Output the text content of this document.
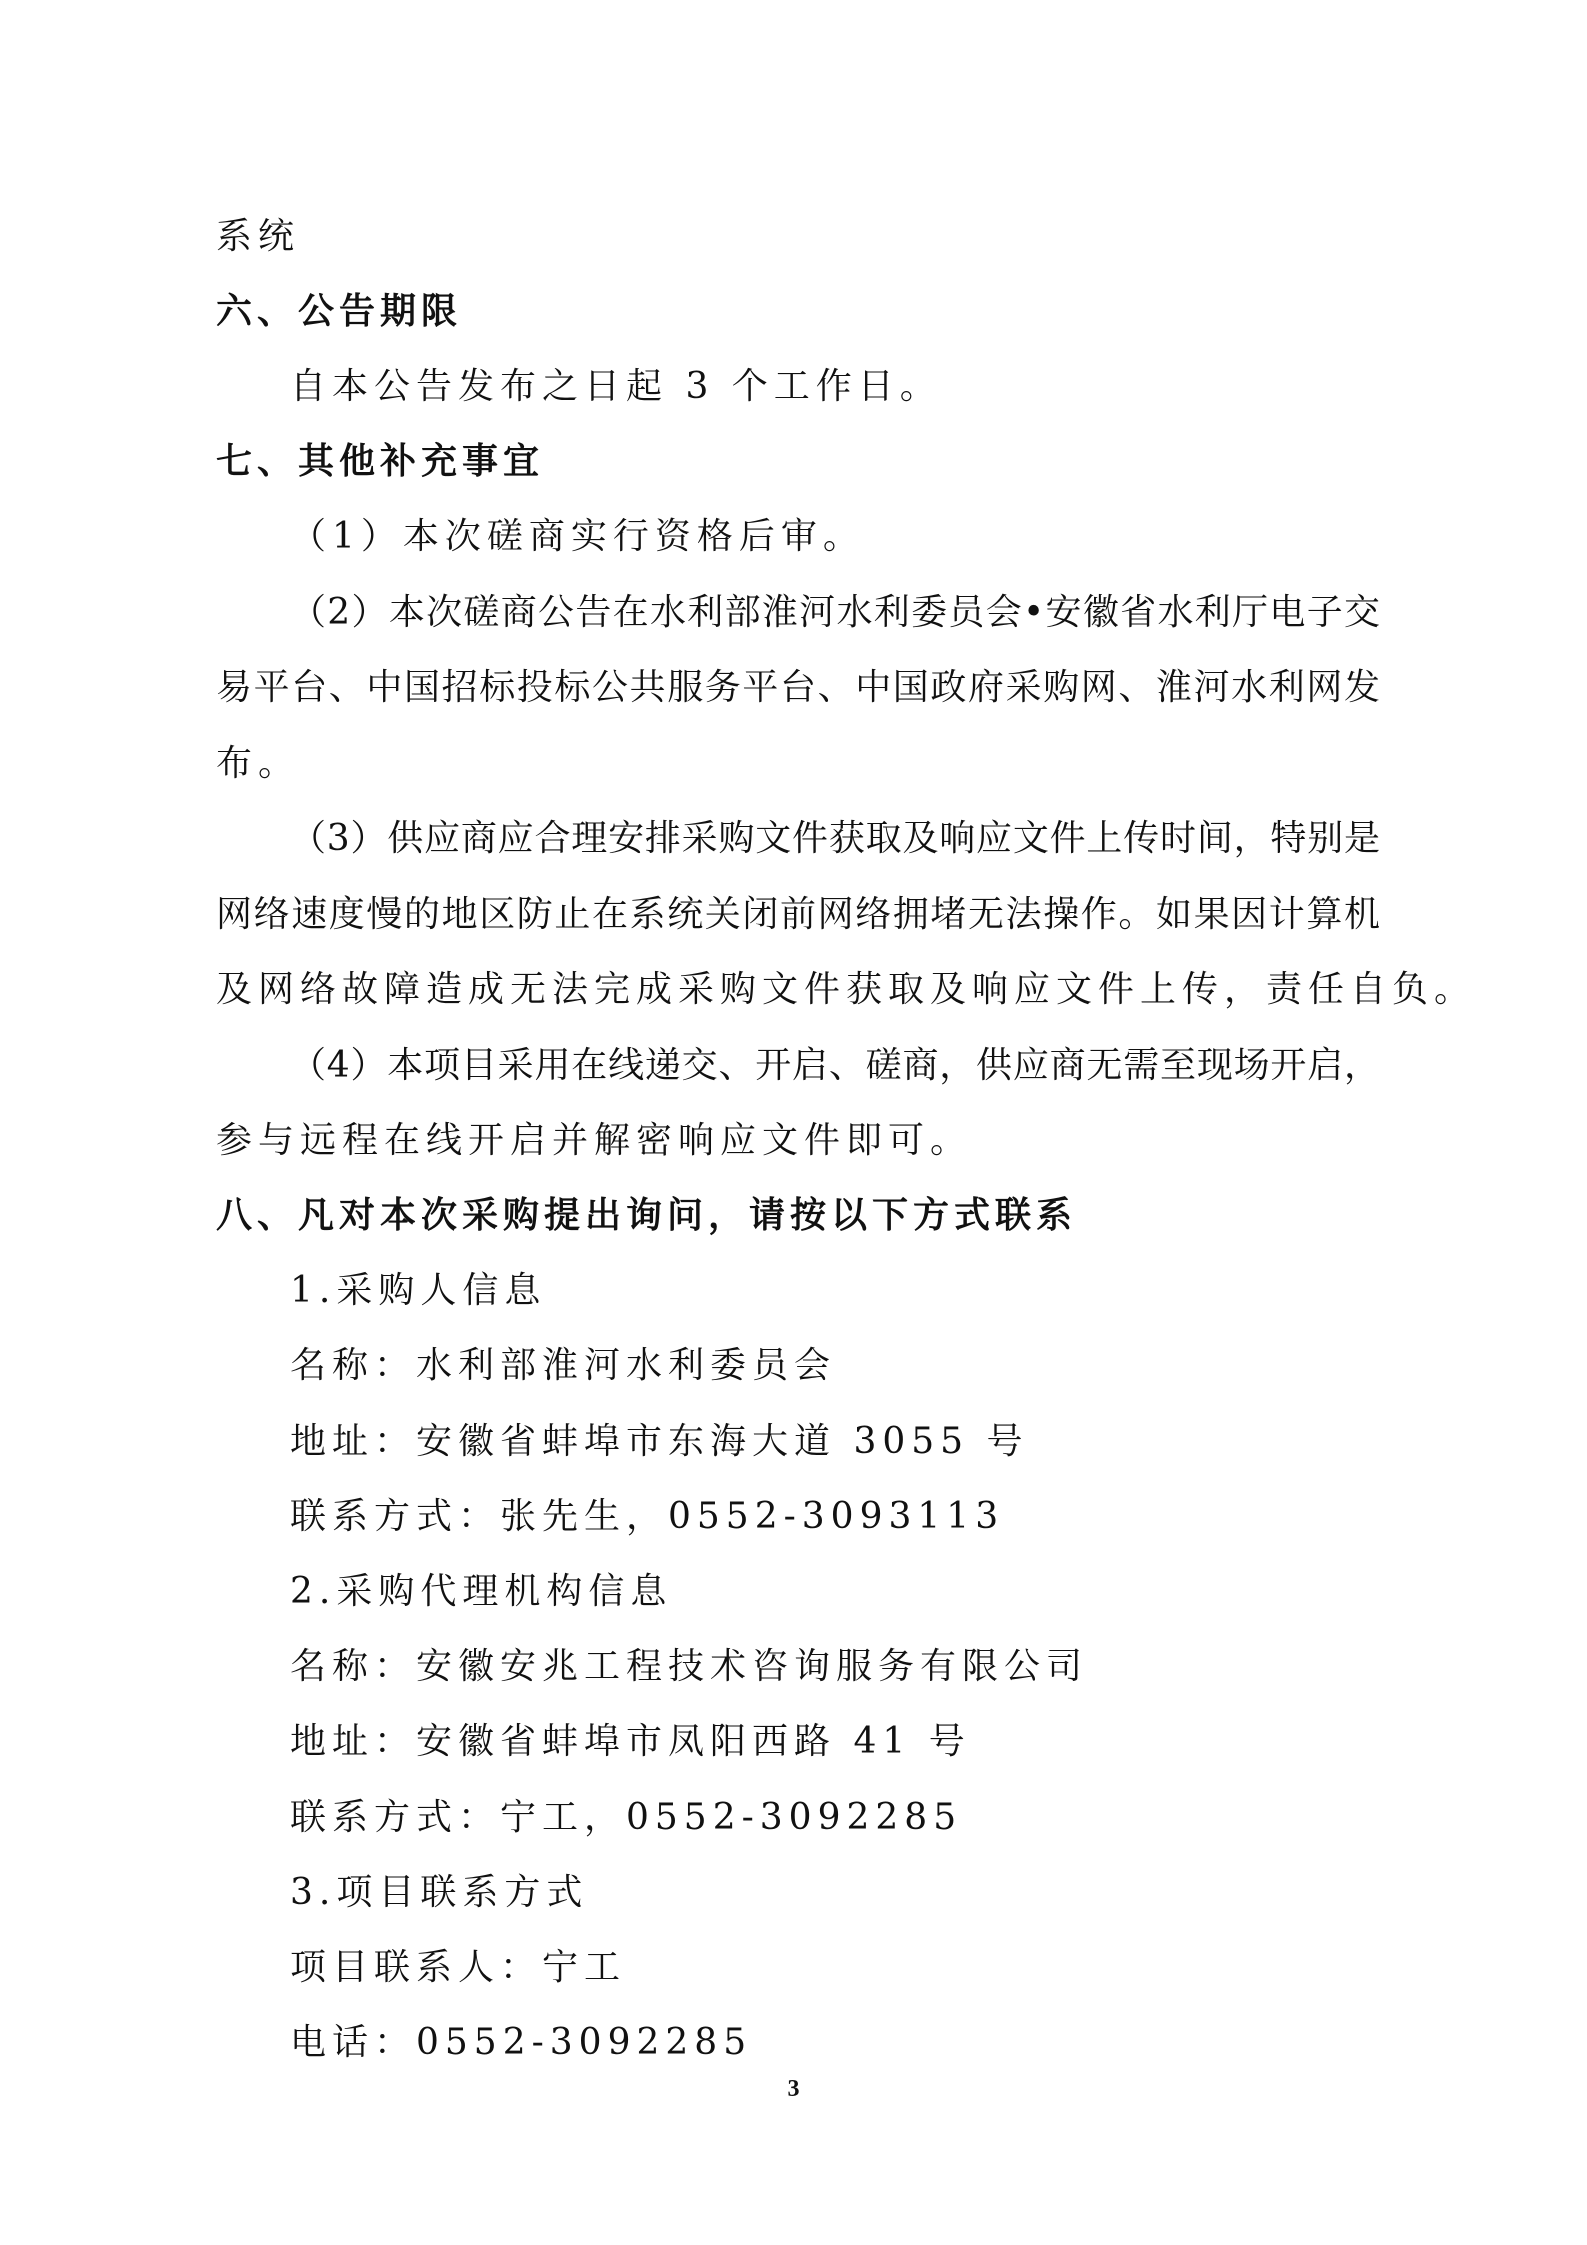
系统
六、公告期限
自本公告发布之日起 3 个工作日。
七、其他补充事宜
（1）本次磋商实行资格后审。
（2）本次磋商公告在水利部淮河水利委员会•安徽省水利厅电子交
易平台、中国招标投标公共服务平台、中国政府采购网、淮河水利网发
布。
（3）供应商应合理安排采购文件获取及响应文件上传时间，特别是
网络速度慢的地区防止在系统关闭前网络拥堵无法操作。如果因计算机
及网络故障造成无法完成采购文件获取及响应文件上传，责任自负。
（4）本项目采用在线递交、开启、磋商，供应商无需至现场开启，
参与远程在线开启并解密响应文件即可。
八、凡对本次采购提出询问，请按以下方式联系
1.采购人信息
名称：水利部淮河水利委员会
地址：安徽省蚌埠市东海大道 3055 号
联系方式：张先生，0552-3093113
2.采购代理机构信息
名称：安徽安兆工程技术咨询服务有限公司
地址：安徽省蚌埠市凤阳西路 41 号
联系方式：宁工，0552-3092285
3.项目联系方式
项目联系人：宁工
电话：0552-3092285
3
